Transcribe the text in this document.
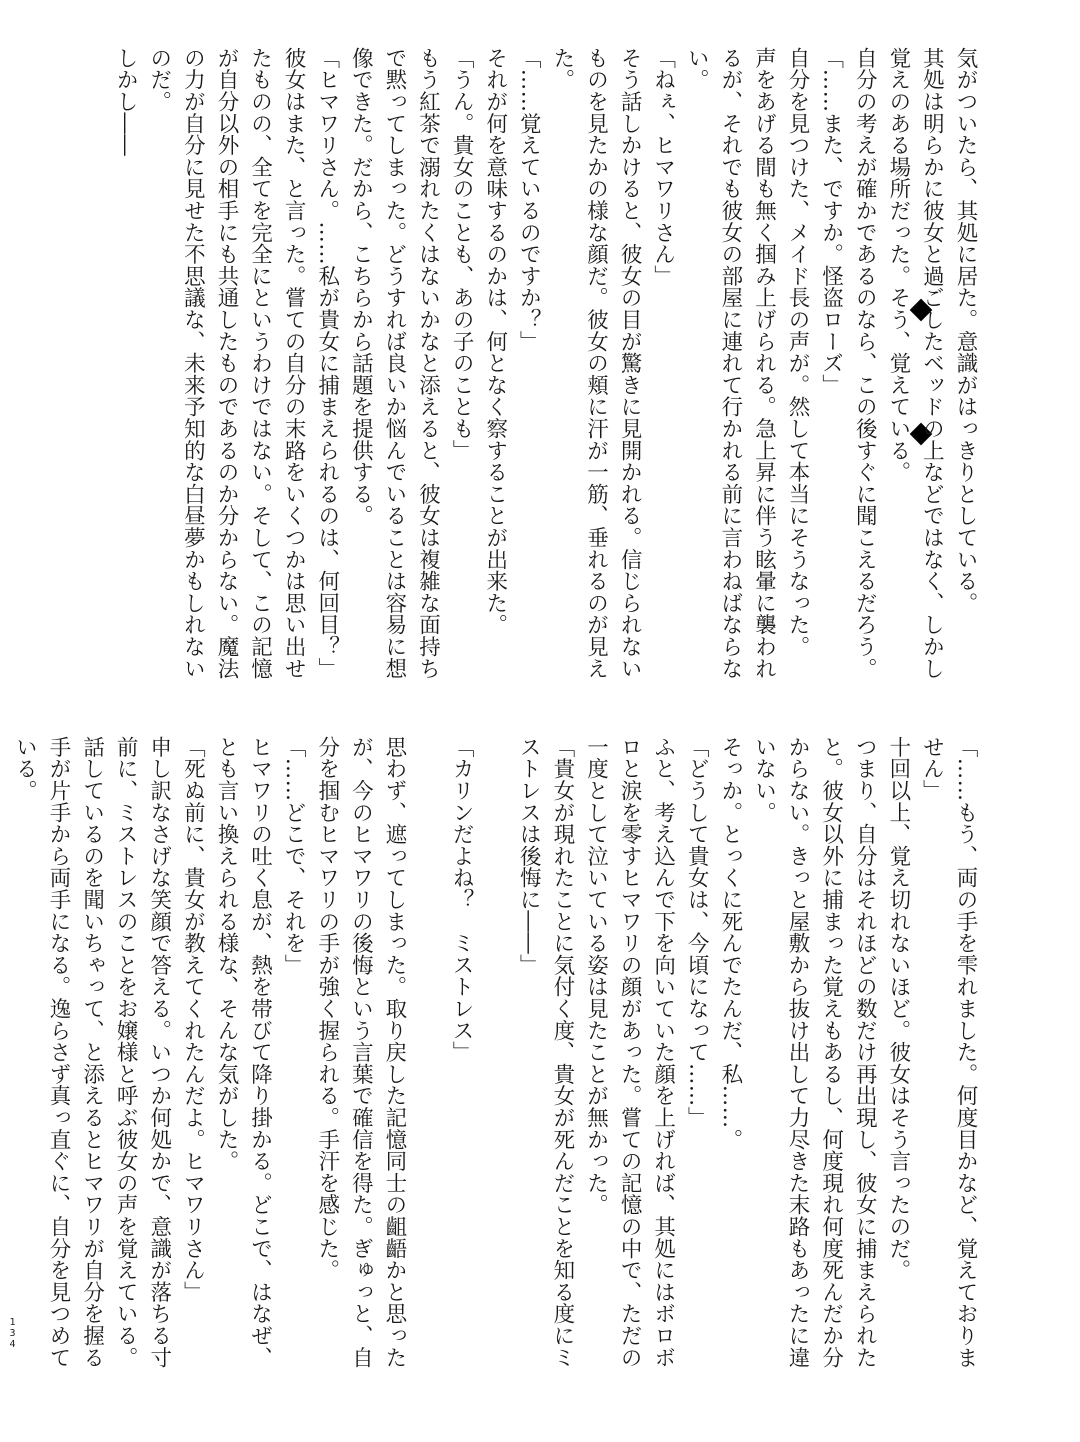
気がついたら、其処に居た。意識がはっきりとしている。

其処は明らかに彼女と過ごしたベッドの上などではなく、しかし覚えのある場所だった。そう、覚えている。

自分の考えが確かであるのなら、この後すぐに聞こえるだろう。

「……また、ですか。怪盗ローズ」

自分を見つけた、メイド長の声が。然して本当にそうなった。

声をあげる間も無く掴み上げられる。急上昇に伴う眩暈に襲われるが、それでも彼女の部屋に連れて行かれる前に言わねばならない。

「ねぇ、ヒマワリさん」

そう話しかけると、彼女の目が驚きに見開かれる。信じられないものを見たかの様な顔だ。彼女の頬に汗が一筋、垂れるのが見えた。

「……覚えているのですか？」

それが何を意味するのかは、何となく察することが出来た。

「うん。貴女のことも、あの子のことも」

もう紅茶で溺れたくはないかなと添えると、彼女は複雑な面持ちで黙ってしまった。どうすれば良いか悩んでいることは容易に想像できた。だから、こちらから話題を提供する。

「ヒマワリさん。……私が貴女に捕まえられるのは、何回目？」

彼女はまた、と言った。嘗ての自分の末路をいくつかは思い出せたものの、全てを完全にというわけではない。そして、この記憶が自分以外の相手にも共通したものであるのか分からない。魔法の力が自分に見せた不思議な、未来予知的な白昼夢かもしれないのだ。

しかし――

「……もう、両の手を雫れました。何度目かなど、覚えておりません」

十回以上、覚え切れないほど。彼女はそう言ったのだ。

つまり、自分はそれほどの数だけ再出現し、彼女に捕まえられたと。彼女以外に捕まった覚えもあるし、何度現れ何度死んだか分からない。きっと屋敷から抜け出して力尽きた末路もあったに違いない。

そっか。とっくに死んでたんだ、私……。

「どうして貴女は、今頃になって……」

ふと、考え込んで下を向いていた顔を上げれば、其処にはボロボロと涙を零すヒマワリの顔があった。嘗ての記憶の中で、ただの一度として泣いている姿は見たことが無かった。

「貴女が現れたことに気付く度、貴女が死んだことを知る度にミストレスは後悔に――」

「カリンだよね？　ミストレス」

思わず、遮ってしまった。取り戻した記憶同士の齟齬かと思ったが、今のヒマワリの後悔という言葉で確信を得た。ぎゅっと、自分を掴むヒマワリの手が強く握られる。手汗を感じた。

「……どこで、それを」

ヒマワリの吐く息が、熱を帯びて降り掛かる。どこで、はなぜ、とも言い換えられる様な、そんな気がした。

「死ぬ前に、貴女が教えてくれたんだよ。ヒマワリさん」

申し訳なさげな笑顔で答える。いつか何処かで、意識が落ちる寸前に、ミストレスのことをお嬢様と呼ぶ彼女の声を覚えている。

話しているのを聞いちゃって、と添えるとヒマワリが自分を握る手が片手から両手になる。逸らさず真っ直ぐに、自分を見つめている。

134
